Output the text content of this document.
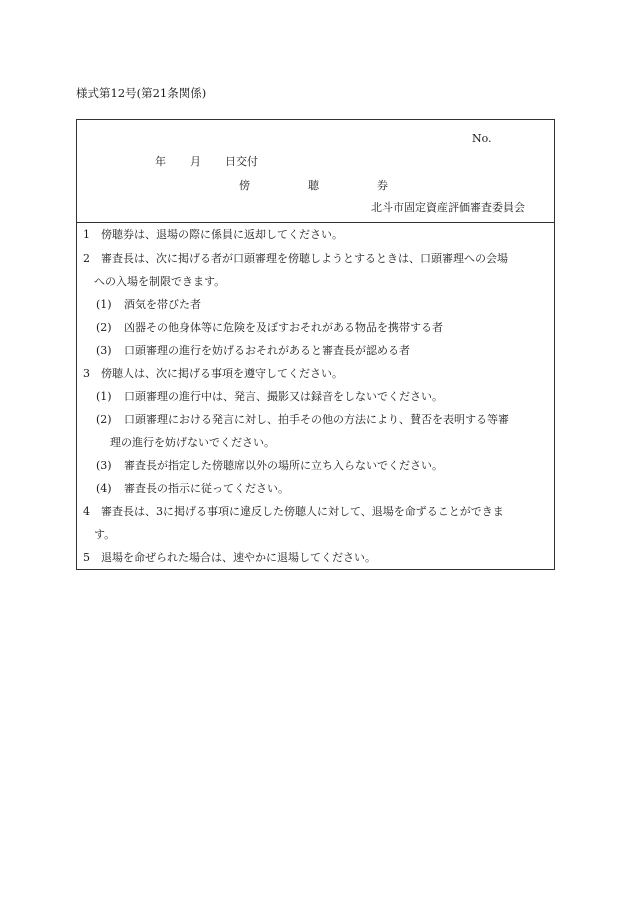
様式第12号(第21条関係)
No.
年 月 日交付
傍	聴	券
北斗市固定資産評価審査委員会
1 傍聴券は、退場の際に係員に返却してください。
2 審査長は、次に掲げる者が口頭審理を傍聴しようとするときは、口頭審理への会場
への入場を制限できます。
(1) 酒気を帯びた者
(2) 凶器その他身体等に危険を及ぼすおそれがある物品を携帯する者
(3) 口頭審理の進行を妨げるおそれがあると審査長が認める者
3 傍聴人は、次に掲げる事項を遵守してください。
(1) 口頭審理の進行中は、発言、撮影又は録音をしないでください。
(2) 口頭審理における発言に対し、拍手その他の方法により、賛否を表明する等審
理の進行を妨げないでください。
(3) 審査長が指定した傍聴席以外の場所に立ち入らないでください。
(4) 審査長の指示に従ってください。
4 審査長は、3に掲げる事項に違反した傍聴人に対して、退場を命ずることができま
す。
5 退場を命ぜられた場合は、速やかに退場してください。
